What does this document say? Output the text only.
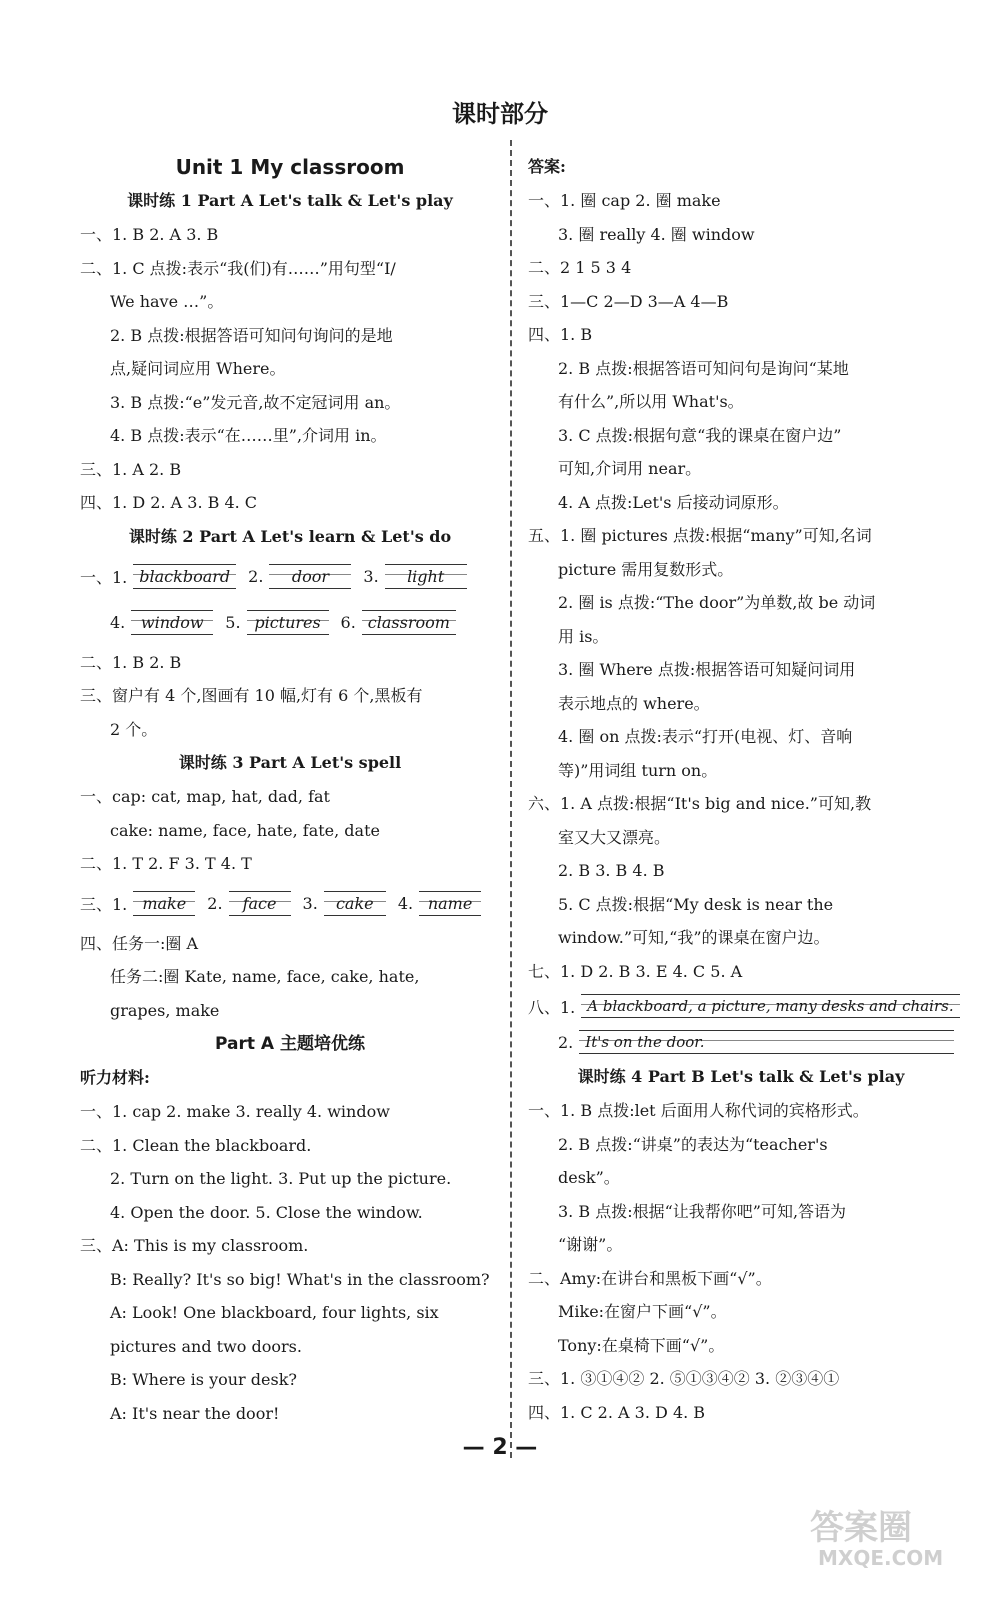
课时部分
Unit 1 My classroom
课时练 1 Part A Let's talk & Let's play
一、1. B 2. A 3. B
二、1. C 点拨:表示“我(们)有……”用句型“I/
We have …”。
2. B 点拨:根据答语可知问句询问的是地
点,疑问词应用 Where。
3. B 点拨:“e”发元音,故不定冠词用 an。
4. B 点拨:表示“在……里”,介词用 in。
三、1. A 2. B
四、1. D 2. A 3. B 4. C
课时练 2 Part A Let's learn & Let's do
一、1. blackboard	2.	door	3.	light
4. window	5. pictures	6. classroom
二、1. B 2. B
三、窗户有 4 个,图画有 10 幅,灯有 6 个,黑板有
2 个。
课时练 3 Part A Let's spell
一、cap: cat, map, hat, dad, fat
cake: name, face, hate, fate, date
二、1. T 2. F 3. T 4. T
三、1. make	2.	face	3.	cake	4. name
四、任务一:圈 A
任务二:圈 Kate, name, face, cake, hate,
grapes, make
Part A 主题培优练
听力材料:
一、1. cap 2. make 3. really 4. window
二、1. Clean the blackboard.
2. Turn on the light. 3. Put up the picture.
4. Open the door. 5. Close the window.
三、A: This is my classroom.
B: Really? It's so big! What's in the classroom?
A: Look! One blackboard, four lights, six
pictures and two doors.
B: Where is your desk?
A: It's near the door!
答案:
一、1. 圈 cap 2. 圈 make
3. 圈 really 4. 圈 window
二、2 1 5 3 4
三、1—C 2—D 3—A 4—B
四、1. B
2. B 点拨:根据答语可知问句是询问“某地
有什么”,所以用 What's。
3. C 点拨:根据句意“我的课桌在窗户边”
可知,介词用 near。
4. A 点拨:Let's 后接动词原形。
五、1. 圈 pictures 点拨:根据“many”可知,名词
picture 需用复数形式。
2. 圈 is 点拨:“The door”为单数,故 be 动词
用 is。
3. 圈 Where 点拨:根据答语可知疑问词用
表示地点的 where。
4. 圈 on 点拨:表示“打开(电视、灯、音响
等)”用词组 turn on。
六、1. A 点拨:根据“It's big and nice.”可知,教
室又大又漂亮。
2. B 3. B 4. B
5. C 点拨:根据“My desk is near the
window.”可知,“我”的课桌在窗户边。
七、1. D 2. B 3. E 4. C 5. A
八、1. A blackboard, a picture, many desks and chairs.
2. It's on the door.
课时练 4 Part B Let's talk & Let's play
一、1. B 点拨:let 后面用人称代词的宾格形式。
2. B 点拨:“讲桌”的表达为“teacher's
desk”。
3. B 点拨:根据“让我帮你吧”可知,答语为
“谢谢”。
二、Amy:在讲台和黑板下画“√”。
Mike:在窗户下画“√”。
Tony:在桌椅下画“√”。
三、1. ③①④② 2. ⑤①③④② 3. ②③④①
四、1. C 2. A 3. D 4. B
— 2 —
答案圈
MXQE.COM
